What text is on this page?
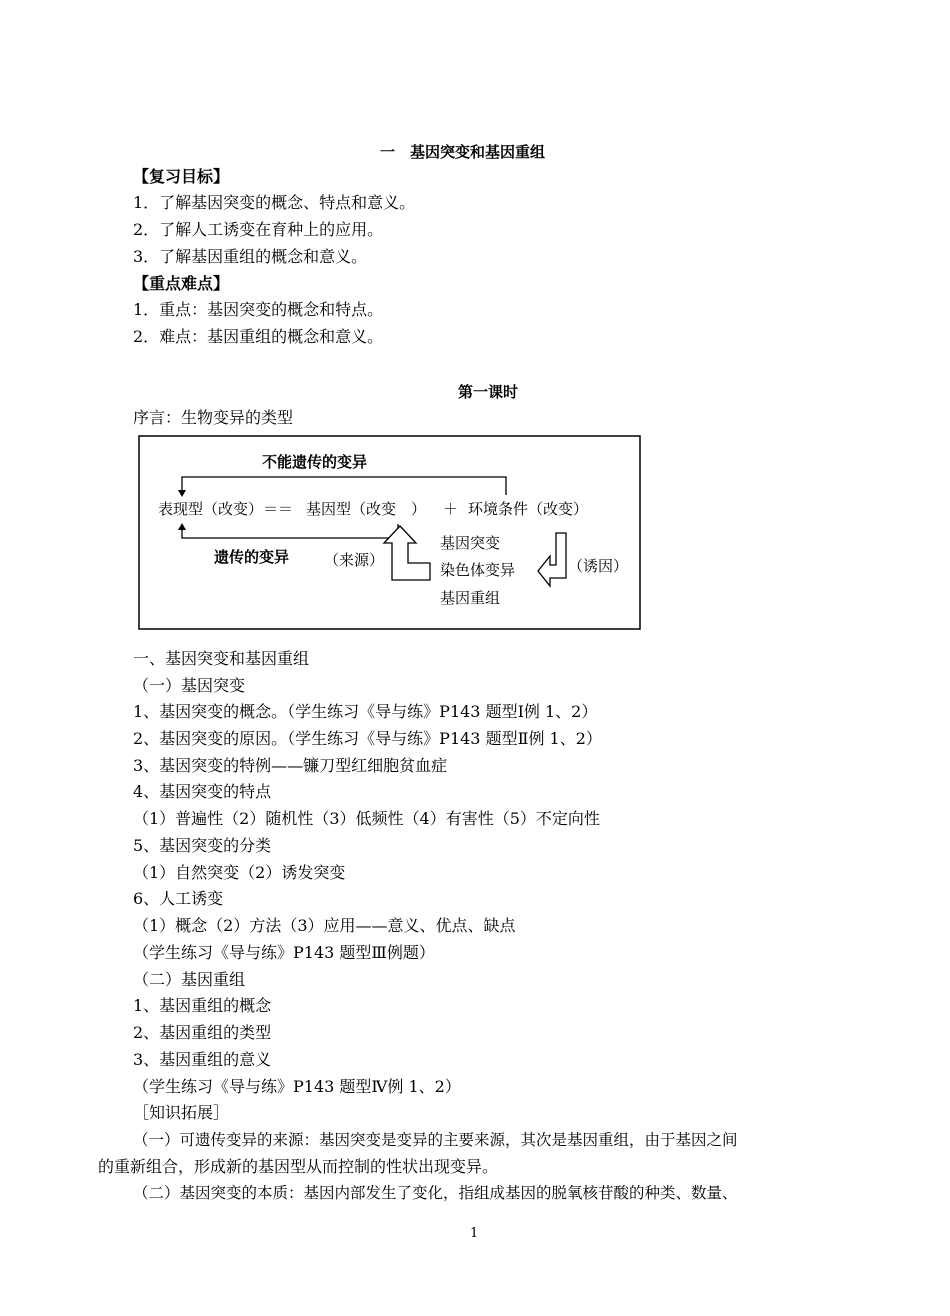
一　基因突变和基因重组
【复习目标】
1．了解基因突变的概念、特点和意义。
2．了解人工诱变在育种上的应用。
3．了解基因重组的概念和意义。
【重点难点】
1．重点：基因突变的概念和特点。
2．难点：基因重组的概念和意义。
第一课时
序言：生物变异的类型
不能遗传的变异
表现型（改变）＝＝ 基因型（改变　） ＋ 环境条件（改变）
遗传的变异 （来源）
基因突变
染色体变异
基因重组
（诱因）
一、基因突变和基因重组
（一）基因突变
1、基因突变的概念。（学生练习《导与练》P143 题型Ⅰ例 1、2）
2、基因突变的原因。（学生练习《导与练》P143 题型Ⅱ例 1、2）
3、基因突变的特例——镰刀型红细胞贫血症
4、基因突变的特点
（1）普遍性（2）随机性（3）低频性（4）有害性（5）不定向性
5、基因突变的分类
（1）自然突变（2）诱发突变
6、人工诱变
（1）概念（2）方法（3）应用——意义、优点、缺点
（学生练习《导与练》P143 题型Ⅲ例题）
（二）基因重组
1、基因重组的概念
2、基因重组的类型
3、基因重组的意义
（学生练习《导与练》P143 题型Ⅳ例 1、2）
［知识拓展］
（一）可遗传变异的来源：基因突变是变异的主要来源，其次是基因重组，由于基因之间
的重新组合，形成新的基因型从而控制的性状出现变异。
（二）基因突变的本质：基因内部发生了变化，指组成基因的脱氧核苷酸的种类、数量、
1
